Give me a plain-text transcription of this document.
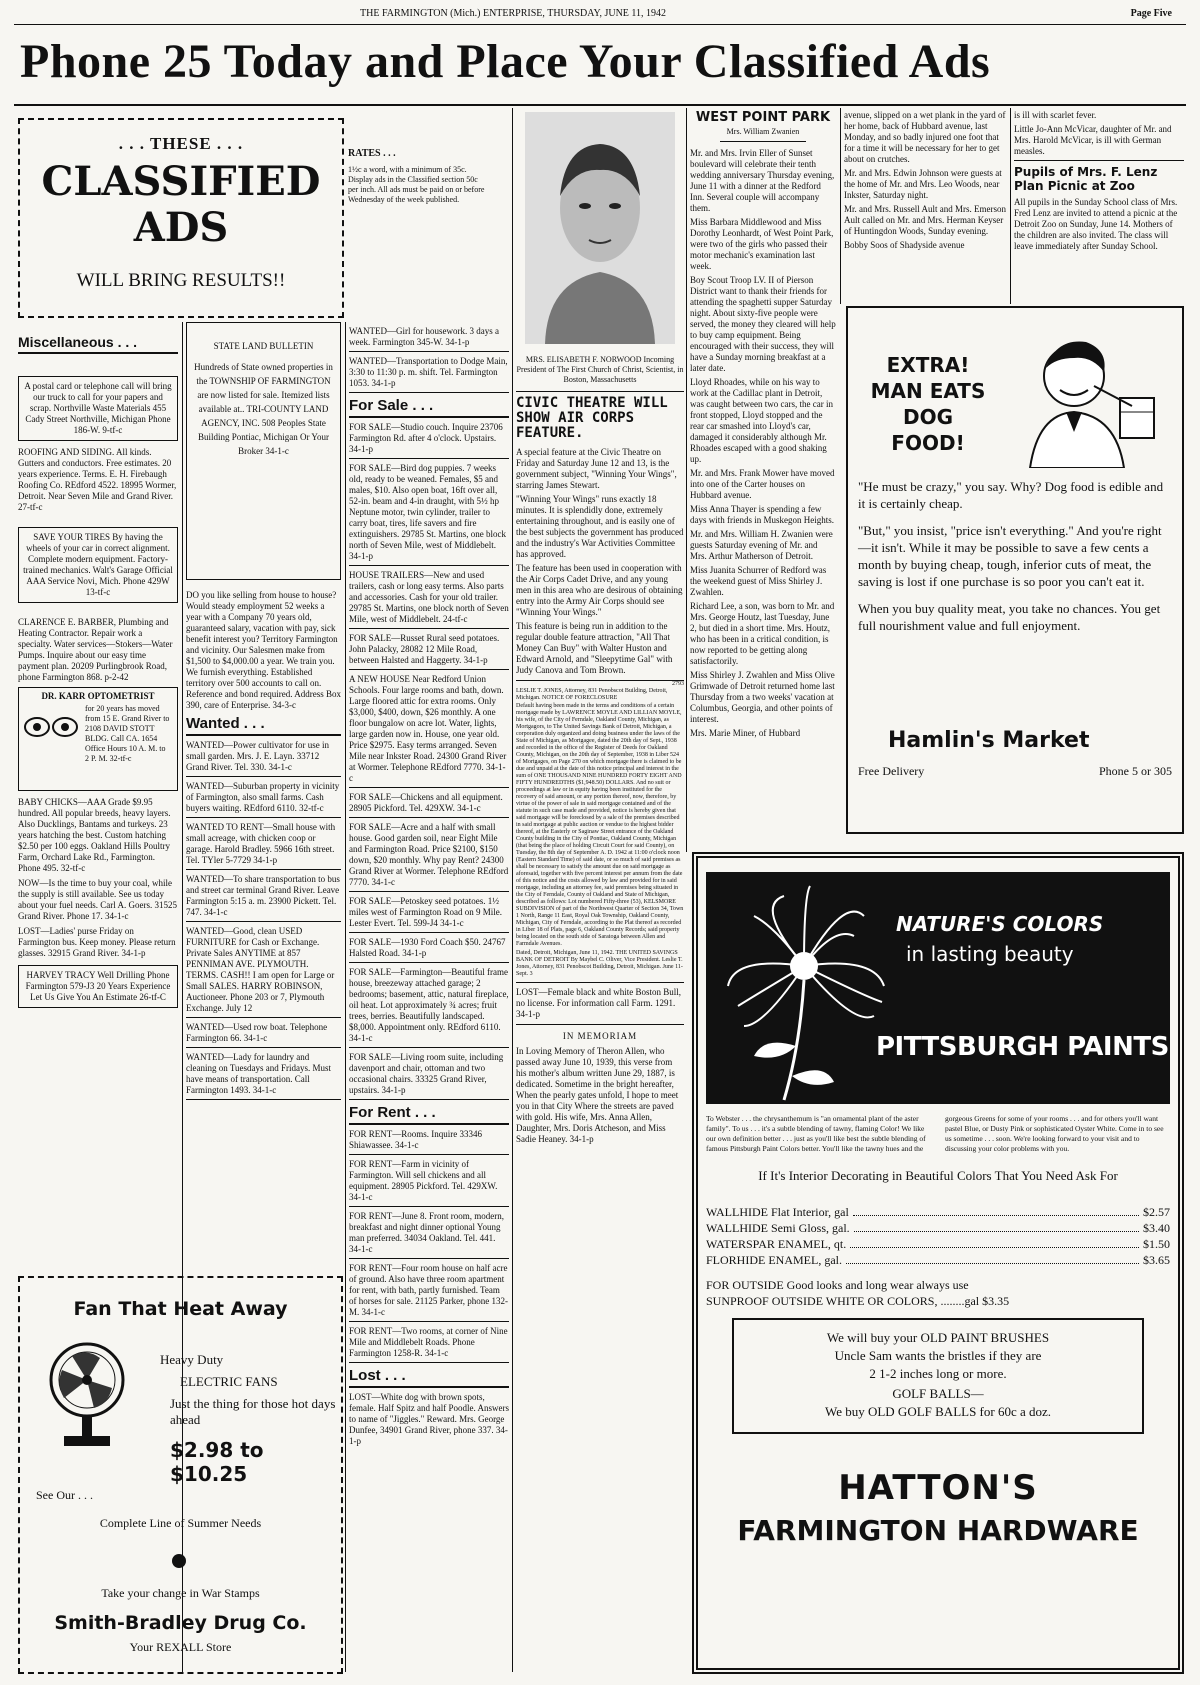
THE FARMINGTON (Mich.) ENTERPRISE, THURSDAY, JUNE 11, 1942	Page Five
Phone 25 Today and Place Your Classified Ads
. . . THESE . . .
CLASSIFIED
ADS
WILL BRING RESULTS!!
RATES . . .
1½c a word, with a minimum of 35c. Display ads in the Classified section 50c per inch. All ads must be paid on or before Wednesday of the week published.
Miscellaneous . . .
A postal card or telephone call will bring our truck to call for your papers and scrap. Northville Waste Materials 455 Cady Street Northville, Michigan Phone 186-W. 9-tf-c
ROOFING AND SIDING. All kinds. Gutters and conductors. Free estimates. 20 years experience. Terms. E. H. Firebaugh Roofing Co. REdford 4522. 18995 Wormer, Detroit. Near Seven Mile and Grand River. 27-tf-c
SAVE YOUR TIRES By having the wheels of your car in correct alignment. Complete modern equipment. Factory-trained mechanics. Walt's Garage Official AAA Service Novi, Mich. Phone 429W 13-tf-c
CLARENCE E. BARBER, Plumbing and Heating Contractor. Repair work a specialty. Water services—Stokers—Water Pumps. Inquire about our easy time payment plan. 20209 Purlingbrook Road, phone Farmington 868. p-2-42
DR. KARR OPTOMETRIST
for 20 years has moved from 15 E. Grand River to 2108 DAVID STOTT BLDG. Call CA. 1654 Office Hours 10 A. M. to 2 P. M. 32-tf-c
BABY CHICKS—AAA Grade $9.95 hundred. All popular breeds, heavy layers. Also Ducklings, Bantams and turkeys. 23 years hatching the best. Custom hatching $2.50 per 100 eggs. Oakland Hills Poultry Farm, Orchard Lake Rd., Farmington. Phone 495. 32-tf-c
NOW—Is the time to buy your coal, while the supply is still available. See us today about your fuel needs. Carl A. Goers. 31525 Grand River. Phone 17. 34-1-c
LOST—Ladies' purse Friday on Farmington bus. Keep money. Please return glasses. 32915 Grand River. 34-1-p
HARVEY TRACY Well Drilling Phone Farmington 579-J3 20 Years Experience Let Us Give You An Estimate 26-tf-C
Fan That Heat Away
Heavy Duty
ELECTRIC FANS
Just the thing for those hot days ahead
$2.98 to $10.25
See Our . . .
Complete Line of Summer Needs
Take your change in War Stamps
Smith-Bradley Drug Co.
Your REXALL Store
STATE LAND BULLETIN
Hundreds of State owned properties in the TOWNSHIP OF FARMINGTON are now listed for sale. Itemized lists available at.. TRI-COUNTY LAND AGENCY, INC. 508 Peoples State Building Pontiac, Michigan Or Your Broker 34-1-c
DO you like selling from house to house? Would steady employment 52 weeks a year with a Company 70 years old, guaranteed salary, vacation with pay, sick benefit interest you? Territory Farmington and vicinity. Our Salesmen make from $1,500 to $4,000.00 a year. We train you. We furnish everything. Established territory over 500 accounts to call on. Reference and bond required. Address Box 390, care of Enterprise. 34-3-c
Wanted . . .
WANTED—Power cultivator for use in small garden. Mrs. J. E. Layn. 33712 Grand River. Tel. 330. 34-1-c
WANTED—Suburban property in vicinity of Farmington, also small farms. Cash buyers waiting. REdford 6110. 32-tf-c
WANTED TO RENT—Small house with small acreage, with chicken coop or garage. Harold Bradley. 5966 16th street. Tel. TYler 5-7729 34-1-p
WANTED—To share transportation to bus and street car terminal Grand River. Leave Farmington 5:15 a. m. 23900 Pickett. Tel. 747. 34-1-c
WANTED—Good, clean USED FURNITURE for Cash or Exchange. Private Sales ANYTIME at 857 PENNIMAN AVE. PLYMOUTH. TERMS. CASH!! I am open for Large or Small SALES. HARRY ROBINSON, Auctioneer. Phone 203 or 7, Plymouth Exchange. July 12
WANTED—Used row boat. Telephone Farmington 66. 34-1-c
WANTED—Lady for laundry and cleaning on Tuesdays and Fridays. Must have means of transportation. Call Farmington 1493. 34-1-c
WANTED—Girl for housework. 3 days a week. Farmington 345-W. 34-1-p
WANTED—Transportation to Dodge Main, 3:30 to 11:30 p. m. shift. Tel. Farmington 1053. 34-1-p
For Sale . . .
FOR SALE—Studio couch. Inquire 23706 Farmington Rd. after 4 o'clock. Upstairs. 34-1-p
FOR SALE—Bird dog puppies. 7 weeks old, ready to be weaned. Females, $5 and males, $10. Also open boat, 16ft over all, 52-in. beam and 4-in draught, with 5½ hp Neptune motor, twin cylinder, trailer to carry boat, tires, life savers and fire extinguishers. 29785 St. Martins, one block north of Seven Mile, west of Middlebelt. 34-1-p
HOUSE TRAILERS—New and used trailers, cash or long easy terms. Also parts and accessories. Cash for your old trailer. 29785 St. Martins, one block north of Seven Mile, west of Middlebelt. 24-tf-c
FOR SALE—Russet Rural seed potatoes. John Palacky, 28082 12 Mile Road, between Halsted and Haggerty. 34-1-p
A NEW HOUSE Near Redford Union Schools. Four large rooms and bath, down. Large floored attic for extra rooms. Only $3,000, $400, down, $26 monthly. A one floor bungalow on acre lot. Water, lights, large garden now in. House, one year old. Price $2975. Easy terms arranged. Seven Mile near Inkster Road. 24300 Grand River at Wormer. Telephone REdford 7770. 34-1-c
FOR SALE—Chickens and all equipment. 28905 Pickford. Tel. 429XW. 34-1-c
FOR SALE—Acre and a half with small house. Good garden soil, near Eight Mile and Farmington Road. Price $2100, $150 down, $20 monthly. Why pay Rent? 24300 Grand River at Wormer. Telephone REdford 7770. 34-1-c
FOR SALE—Petoskey seed potatoes. 1½ miles west of Farmington Road on 9 Mile. Lester Evert. Tel. 599-J4 34-1-c
FOR SALE—1930 Ford Coach $50. 24767 Halsted Road. 34-1-p
FOR SALE—Farmington—Beautiful frame house, breezeway attached garage; 2 bedrooms; basement, attic, natural fireplace, oil heat. Lot approximately ¾ acres; fruit trees, berries. Beautifully landscaped. $8,000. Appointment only. REdford 6110. 34-1-c
FOR SALE—Living room suite, including davenport and chair, ottoman and two occasional chairs. 33325 Grand River, upstairs. 34-1-p
For Rent . . .
FOR RENT—Rooms. Inquire 33346 Shiawassee. 34-1-c
FOR RENT—Farm in vicinity of Farmington. Will sell chickens and all equipment. 28905 Pickford. Tel. 429XW. 34-1-c
FOR RENT—June 8. Front room, modern, breakfast and night dinner optional Young man preferred. 34034 Oakland. Tel. 441. 34-1-c
FOR RENT—Four room house on half acre of ground. Also have three room apartment for rent, with bath, partly furnished. Team of horses for sale. 21125 Parker, phone 132-M. 34-1-c
FOR RENT—Two rooms, at corner of Nine Mile and Middlebelt Roads. Phone Farmington 1258-R. 34-1-c
Lost . . .
LOST—White dog with brown spots, female. Half Spitz and half Poodle. Answers to name of "Jiggles." Reward. Mrs. George Dunfee, 34901 Grand River, phone 337. 34-1-p
MRS. ELISABETH F. NORWOOD Incoming President of The First Church of Christ, Scientist, in Boston, Massachusetts
CIVIC THEATRE WILL SHOW AIR CORPS FEATURE.

A special feature at the Civic Theatre on Friday and Saturday June 12 and 13, is the government subject, "Winning Your Wings", starring James Stewart.

"Winning Your Wings" runs exactly 18 minutes. It is splendidly done, extremely entertaining throughout, and is easily one of the best subjects the government has produced and the industry's War Activities Committee has approved.

The feature has been used in cooperation with the Air Corps Cadet Drive, and any young men in this area who are desirous of obtaining entry into the Army Air Corps should see "Winning Your Wings."

This feature is being run in addition to the regular double feature attraction, "All That Money Can Buy" with Walter Huston and Edward Arnold, and "Sleepytime Gal" with Judy Canova and Tom Brown.

2793
LESLIE T. JONES, Attorney, 831 Penobscot Building, Detroit, Michigan. NOTICE OF FORECLOSURE
Default having been made in the terms and conditions of a certain mortgage made by LAWRENCE MOYLE AND LILLIAN MOYLE, his wife, of the City of Ferndale, Oakland County, Michigan, as Mortgagors, to The United Savings Bank of Detroit, Michigan, a corporation duly organized and doing business under the laws of the State of Michigan, as Mortgagee, dated the 20th day of Sept., 1938 and recorded in the office of the Register of Deeds for Oakland County, Michigan, on the 20th day of September, 1938 in Liber 524 of Mortgages, on Page 270 on which mortgage there is claimed to be due and unpaid at the date of this notice principal and interest in the sum of ONE THOUSAND NINE HUNDRED FORTY EIGHT AND FIFTY HUNDREDTHS ($1,948.50) DOLLARS. And no suit or proceedings at law or in equity having been instituted for the recovery of said amount, or any portion thereof, now, therefore, by virtue of the power of sale in said mortgage contained and of the statute in such case made and provided, notice is hereby given that said mortgage will be foreclosed by a sale of the premises described in said mortgage at public auction or vendue to the highest bidder thereof, at the Easterly or Saginaw Street entrance of the Oakland County building in the City of Pontiac, Oakland County, Michigan (that being the place of holding Circuit Court for said County), on Tuesday, the 8th day of September A. D. 1942 at 11:00 o'clock noon (Eastern Standard Time) of said date, or so much of said premises as shall be necessary to satisfy the amount due on said mortgage as aforesaid, together with five percent interest per annum from the date of this notice and the costs allowed by law and provided for in said mortgage, including an attorney fee, said premises being situated in the City of Ferndale, County of Oakland and State of Michigan, described as follows: Lot numbered Fifty-three (53), KELSMORE SUBDIVISION of part of the Northwest Quarter of Section 34, Town 1 North, Range 11 East, Royal Oak Township, Oakland County, Michigan, City of Ferndale, according to the Plat thereof as recorded in Liber 18 of Plats, page 6, Oakland County Records; said property being located on the south side of Saratoga between Allen and Farmdale Avenues.
Dated, Detroit, Michigan, June 11, 1942. THE UNITED SAVINGS BANK OF DETROIT By Maybel C. Oliver, Vice President. Leslie T. Jones, Attorney, 831 Penobscot Building, Detroit, Michigan. June 11-Sept. 3
LOST—Female black and white Boston Bull, no license. For information call Farm. 1291. 34-1-p
IN MEMORIAM
In Loving Memory of Theron Allen, who passed away June 10, 1939, this verse from his mother's album written June 29, 1887, is dedicated. Sometime in the bright hereafter, When the pearly gates unfold, I hope to meet you in that City Where the streets are paved with gold. His wife, Mrs. Anna Allen, Daughter, Mrs. Doris Atcheson, and Miss Sadie Heaney. 34-1-p
WEST POINT PARK
Mrs. William Zwanien

Mr. and Mrs. Irvin Eller of Sunset boulevard will celebrate their tenth wedding anniversary Thursday evening, June 11 with a dinner at the Redford Inn. Several couple will accompany them.

Miss Barbara Middlewood and Miss Dorothy Leonhardt, of West Point Park, were two of the girls who passed their motor mechanic's examination last week.

Boy Scout Troop LV. II of Pierson District want to thank their friends for attending the spaghetti supper Saturday night. About sixty-five people were served, the money they cleared will help to buy camp equipment. Being encouraged with their success, they will have a Sunday morning breakfast at a later date.

Lloyd Rhoades, while on his way to work at the Cadillac plant in Detroit, was caught between two cars, the car in front stopped, Lloyd stopped and the rear car smashed into Lloyd's car, damaged it considerably although Mr. Rhoades escaped with a good shaking up.

Mr. and Mrs. Frank Mower have moved into one of the Carter houses on Hubbard avenue.

Miss Anna Thayer is spending a few days with friends in Muskegon Heights.

Mr. and Mrs. William H. Zwanien were guests Saturday evening of Mr. and Mrs. Arthur Matherson of Detroit.

Miss Juanita Schurrer of Redford was the weekend guest of Miss Shirley J. Zwahlen.

Richard Lee, a son, was born to Mr. and Mrs. George Houtz, last Tuesday, June 2, but died in a short time. Mrs. Houtz, who has been in a critical condition, is now reported to be getting along satisfactorily.

Miss Shirley J. Zwahlen and Miss Olive Grimwade of Detroit returned home last Thursday from a two weeks' vacation at Columbus, Georgia, and other points of interest.

Mrs. Marie Miner, of Hubbard

avenue, slipped on a wet plank in the yard of her home, back of Hubbard avenue, last Monday, and so badly injured one foot that for a time it will be necessary for her to get about on crutches.

Mr. and Mrs. Edwin Johnson were guests at the home of Mr. and Mrs. Leo Woods, near Inkster, Saturday night.

Mr. and Mrs. Russell Ault and Mrs. Emerson Ault called on Mr. and Mrs. Herman Keyser of Huntingdon Woods, Sunday evening.

Bobby Soos of Shadyside avenue

is ill with scarlet fever.

Little Jo-Ann McVicar, daughter of Mr. and Mrs. Harold McVicar, is ill with German measles.

Pupils of Mrs. F. Lenz Plan Picnic at Zoo

All pupils in the Sunday School class of Mrs. Fred Lenz are invited to attend a picnic at the Detroit Zoo on Sunday, June 14. Mothers of the children are also invited. The class will leave immediately after Sunday School.

EXTRA! MAN EATS DOG FOOD!

"He must be crazy," you say. Why? Dog food is edible and it is certainly cheap.

"But," you insist, "price isn't everything." And you're right—it isn't. While it may be possible to save a few cents a month by buying cheap, tough, inferior cuts of meat, the saving is lost if one purchase is so poor you can't eat it.

When you buy quality meat, you take no chances. You get full nourishment value and full enjoyment.

Hamlin's Market
Free Delivery	Phone 5 or 305
NATURE'S COLORS
in lasting beauty
PITTSBURGH PAINTS
To Webster . . . the chrysanthemum is "an ornamental plant of the aster family". To us . . . it's a subtle blending of tawny, flaming Color! We like our own definition better . . . just as you'll like best the subtle blending of famous Pittsburgh Paint Colors better. You'll like the tawny hues and the gorgeous Greens for some of your rooms . . . and for others you'll want pastel Blue, or Dusty Pink or sophisticated Oyster White. Come in to see us sometime . . . soon. We're looking forward to your visit and to discussing your color problems with you.
If It's Interior Decorating in Beautiful Colors That You Need Ask For
WALLHIDE Flat Interior, gal	$2.57
WALLHIDE Semi Gloss, gal.	$3.40
WATERSPAR ENAMEL, qt.	$1.50
FLORHIDE ENAMEL, gal.	$3.65
FOR OUTSIDE Good looks and long wear always use
SUNPROOF OUTSIDE WHITE OR COLORS, ........gal $3.35
We will buy your OLD PAINT BRUSHES
Uncle Sam wants the bristles if they are
2 1-2 inches long or more.
GOLF BALLS—
We buy OLD GOLF BALLS for 60c a doz.
HATTON'S
FARMINGTON HARDWARE
